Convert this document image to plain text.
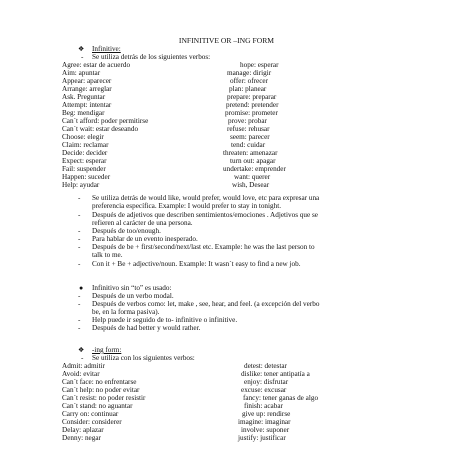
INFINITIVE OR –ING FORM
❖ Infinitive:
- Se utiliza detrás de los siguientes verbos:
Agree: estar de acuerdo
Aim: apuntar
Appear: aparecer
Arrange: arreglar
Ask. Preguntar
Attempt: intentar
Beg: mendigar
Can´t afford: poder permitirse
Can´t wait: estar deseando
Choose: elegir
Claim: reclamar
Decide: decider
Expect: esperar
Fail: suspender
Happen: suceder
Help: ayudar
hope: esperar
manage: dirigir
offer: ofrecer
plan: planear
prepare: preparar
pretend: pretender
promise: prometer
prove: probar
refuse: rehusar
seem: parecer
tend: cuidar
threaten: amenazar
turn out: apagar
undertake: emprender
want: querer
wish, Desear
- Se utiliza detrás de would like, would prefer, would love, etc para expresar una
preferencia específica. Example: I would prefer to stay in tonight.
- Después de adjetivos que describen sentimientos/emociones . Adjetivos que se
refieren al carácter de una persona.
- Después de too/enough.
- Para hablar de un evento inesperado.
- Después de be + first/second/next/last etc. Example: he was the last person to
talk to me.
- Con it + Be + adjective/noun. Example: It wasn´t easy to find a new job.
● Infinitivo sin “to” es usado:
- Después de un verbo modal.
- Después de verbos como: let, make , see, hear, and feel. (a excepción del verbo
be, en la forma pasiva).
- Help puede ir seguido de to- infinitive o infinitive.
- Después de had better y would rather.
❖ -ing form:
- Se utiliza con los siguientes verbos:
Admit: admitir
Avoid: evitar
Can´t face: no enfrentarse
Can´t help: no poder evitar
Can´t resist: no poder resistir
Can´t stand: no aguantar
Carry on: continuar
Consider: considerer
Delay: aplazar
Denny: negar
detest: detestar
dislike: tener antipatía a
enjoy: disfrutar
excuse: excusar
fancy: tener ganas de algo
finish: acabar
give up: rendirse
imagine: imaginar
involve: suponer
justify: justificar
